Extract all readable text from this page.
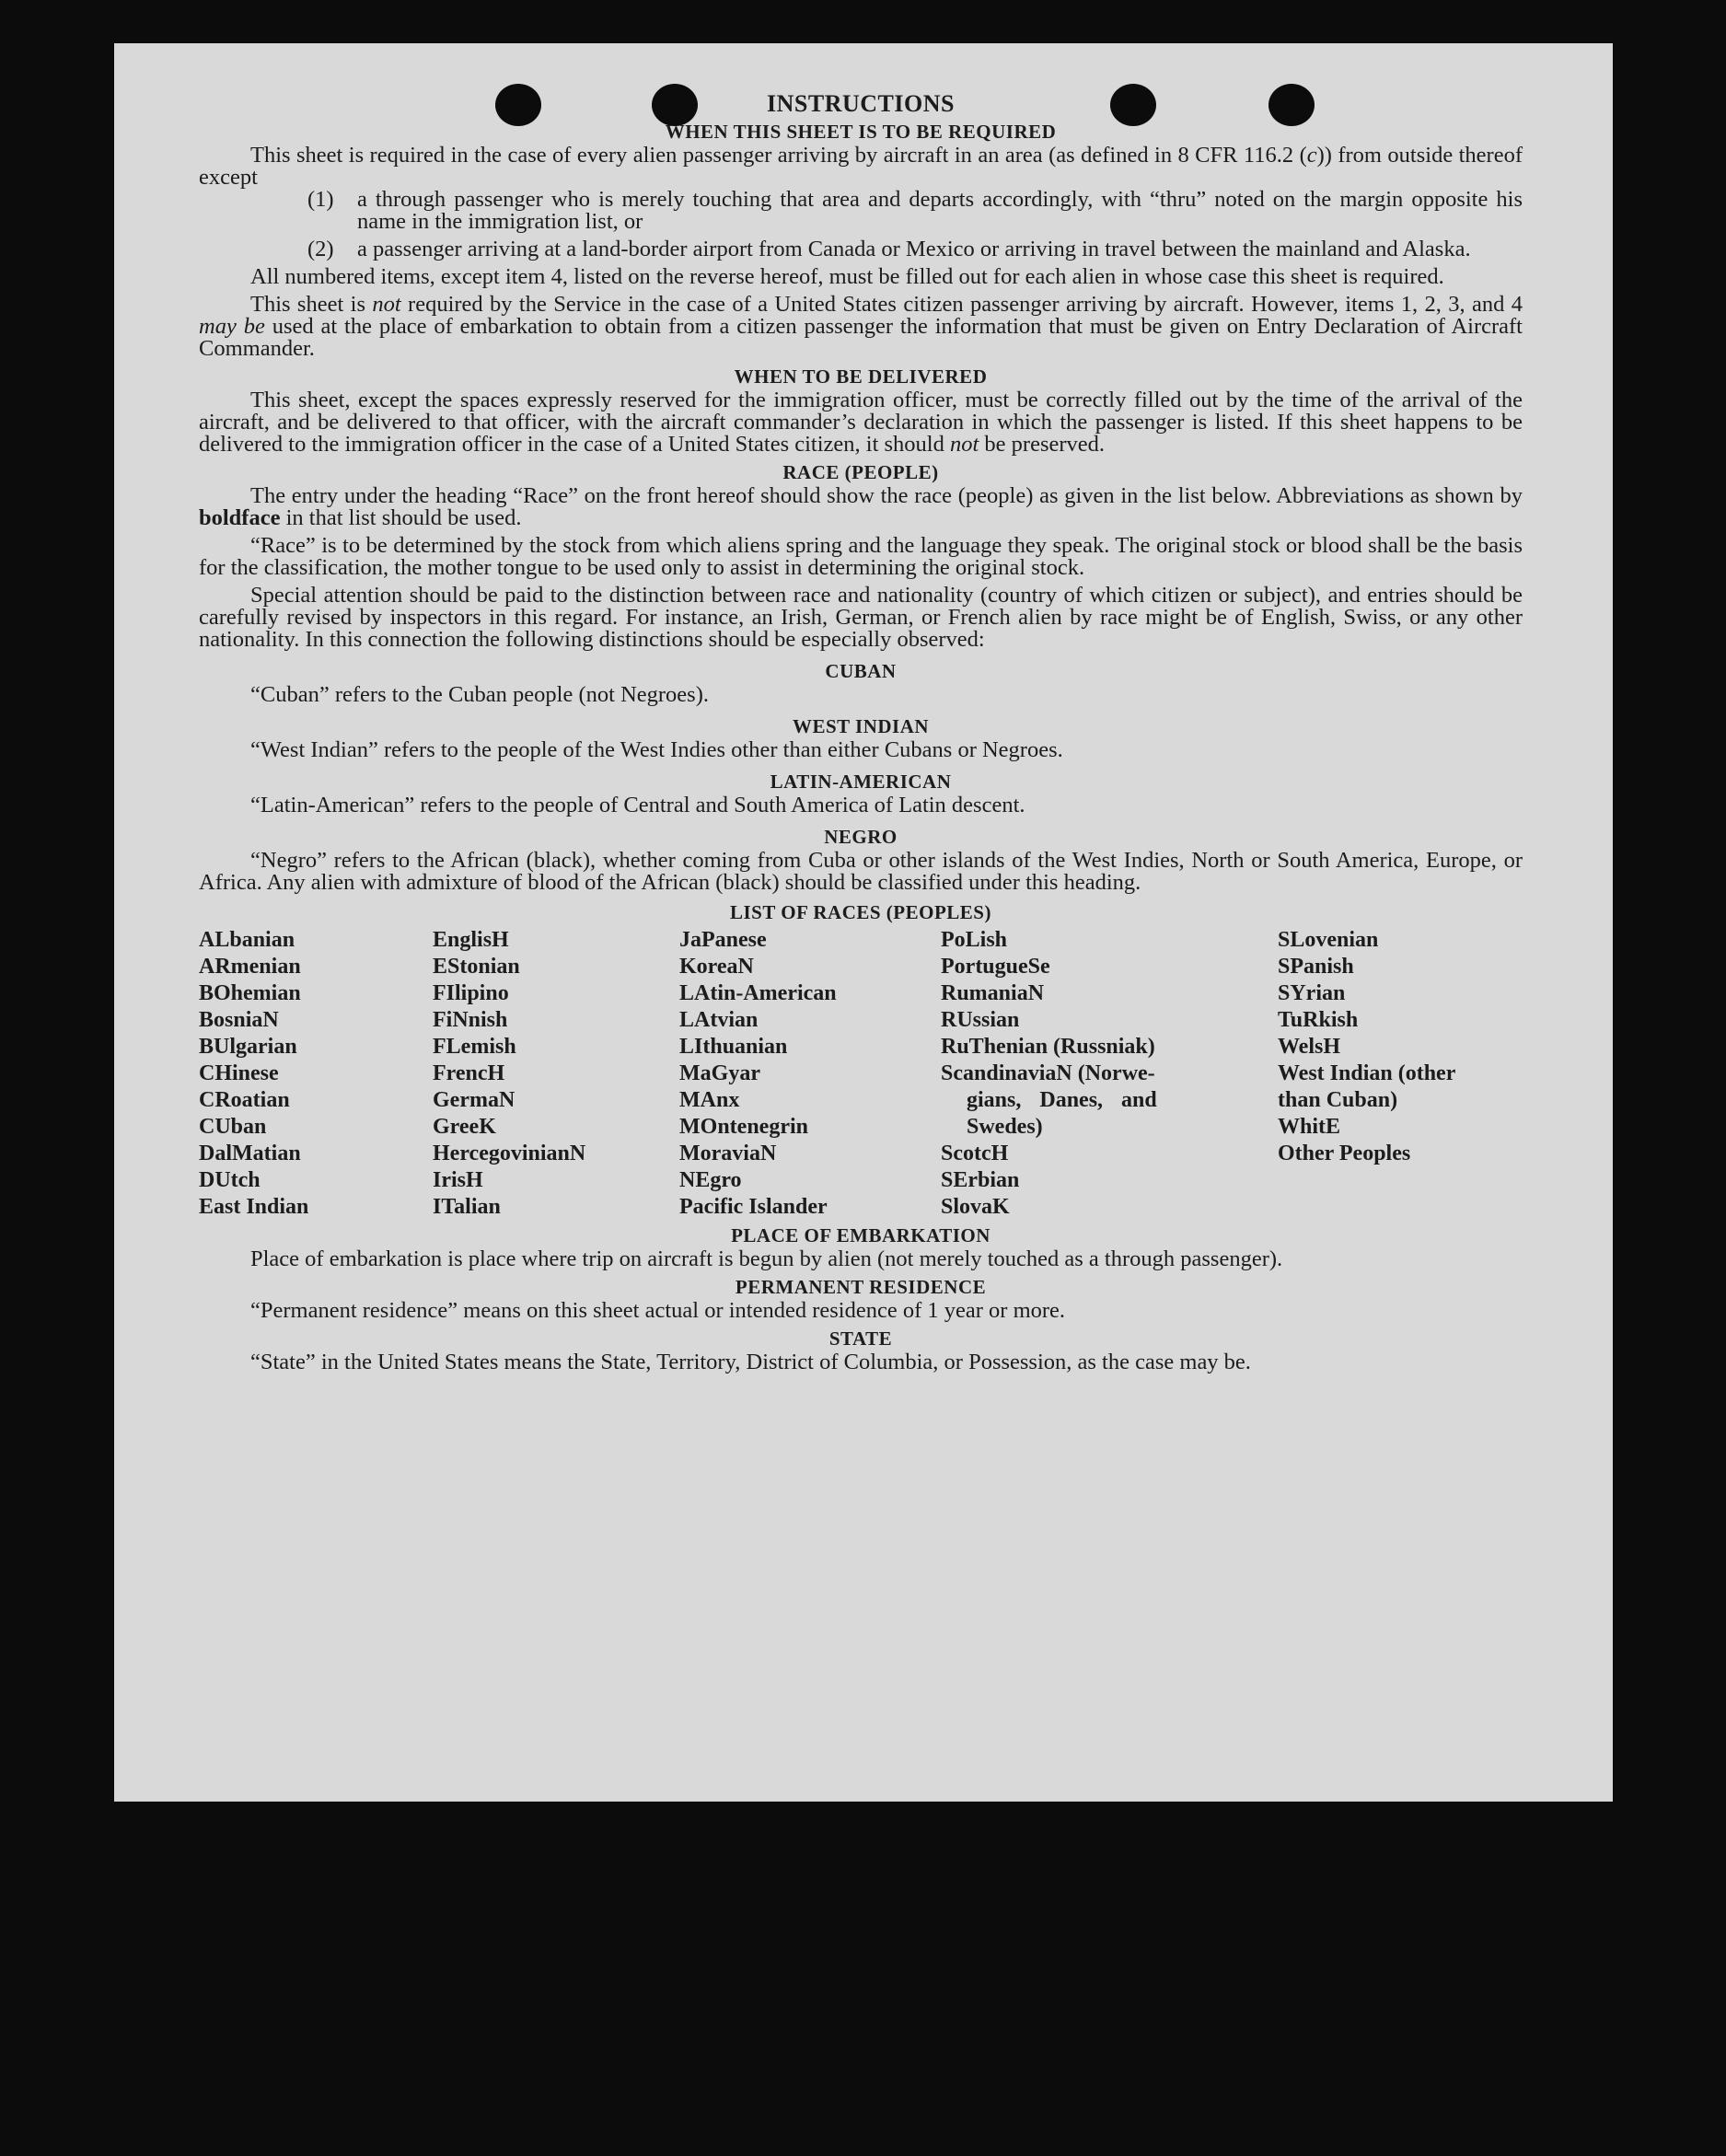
INSTRUCTIONS
WHEN THIS SHEET IS TO BE REQUIRED

This sheet is required in the case of every alien passenger arriving by aircraft in an area (as defined in 8 CFR 116.2 (c)) from outside thereof except

(1)	a through passenger who is merely touching that area and departs accordingly, with “thru” noted on the margin opposite his name in the immigration list, or
(2)	a passenger arriving at a land-border airport from Canada or Mexico or arriving in travel between the mainland and Alaska.

All numbered items, except item 4, listed on the reverse hereof, must be filled out for each alien in whose case this sheet is required.

This sheet is not required by the Service in the case of a United States citizen passenger arriving by aircraft. However, items 1, 2, 3, and 4 may be used at the place of embarkation to obtain from a citizen passenger the information that must be given on Entry Declaration of Aircraft Commander.

WHEN TO BE DELIVERED

This sheet, except the spaces expressly reserved for the immigration officer, must be correctly filled out by the time of the arrival of the aircraft, and be delivered to that officer, with the aircraft commander’s declaration in which the passenger is listed. If this sheet happens to be delivered to the immigration officer in the case of a United States citizen, it should not be preserved.

RACE (PEOPLE)

The entry under the heading “Race” on the front hereof should show the race (people) as given in the list below. Abbreviations as shown by boldface in that list should be used.

“Race” is to be determined by the stock from which aliens spring and the language they speak. The original stock or blood shall be the basis for the classification, the mother tongue to be used only to assist in determining the original stock.

Special attention should be paid to the distinction between race and nationality (country of which citizen or subject), and entries should be carefully revised by inspectors in this regard. For instance, an Irish, German, or French alien by race might be of English, Swiss, or any other nationality. In this connection the following distinctions should be especially observed:

CUBAN

“Cuban” refers to the Cuban people (not Negroes).

WEST INDIAN

“West Indian” refers to the people of the West Indies other than either Cubans or Negroes.

LATIN-AMERICAN

“Latin-American” refers to the people of Central and South America of Latin descent.

NEGRO

“Negro” refers to the African (black), whether coming from Cuba or other islands of the West Indies, North or South America, Europe, or Africa. Any alien with admixture of blood of the African (black) should be classified under this heading.

LIST OF RACES (PEOPLES)
ALbanian
ARmenian
BOhemian
BosniaN
BUlgarian
CHinese
CRoatian
CUban
DalMatian
DUtch
East Indian
EnglisH
EStonian
FIlipino
FiNnish
FLemish
FrencH
GermaN
GreeK
HercegovinianN
IrisH
ITalian
JaPanese
KoreaN
LAtin-American
LAtvian
LIthuanian
MaGyar
MAnx
MOntenegrin
MoraviaN
NEgro
Pacific Islander
PoLish
PortugueSe
RumaniaN
RUssian
RuThenian (Russniak)
ScandinaviaN (Norwe-
gians, Danes, and
Swedes)
ScotcH
SErbian
SlovaK
SLovenian
SPanish
SYrian
TuRkish
WelsH
West Indian (other
than Cuban)
WhitE
Other Peoples
PLACE OF EMBARKATION

Place of embarkation is place where trip on aircraft is begun by alien (not merely touched as a through passenger).

PERMANENT RESIDENCE

“Permanent residence” means on this sheet actual or intended residence of 1 year or more.

STATE

“State” in the United States means the State, Territory, District of Columbia, or Possession, as the case may be.
